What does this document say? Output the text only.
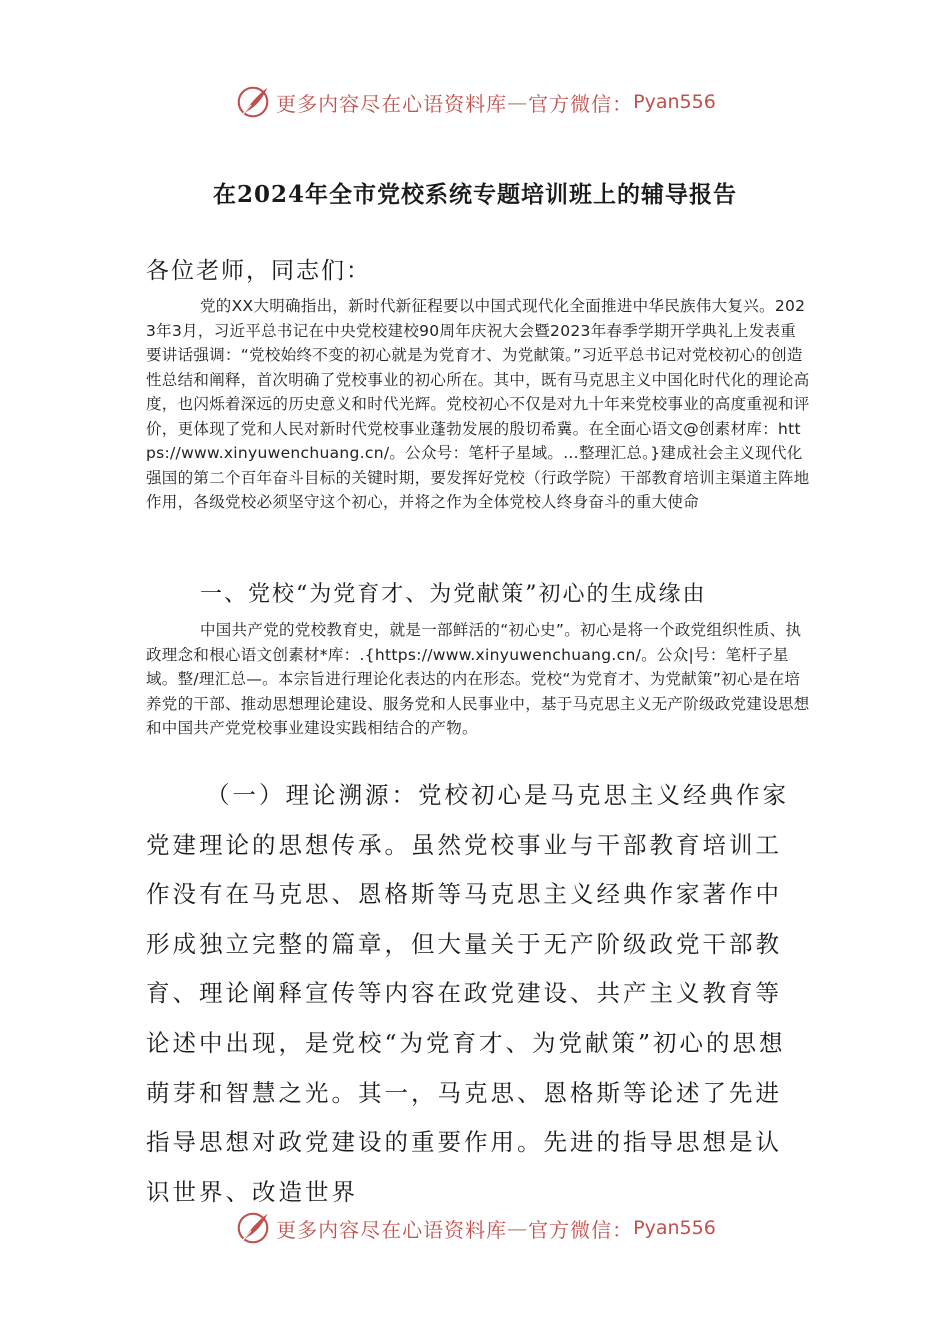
更多内容尽在心语资料库 — 官方微信： Pyan556
在2024年全市党校系统专题培训班上的辅导报告
各位老师，同志们：
党的XX大明确指出，新时代新征程要以中国式现代化全面推进中华民族伟大复兴。2023年3月，习近平总书记在中央党校建校90周年庆祝大会暨2023年春季学期开学典礼上发表重要讲话强调：“党校始终不变的初心就是为党育才、为党献策。”习近平总书记对党校初心的创造性总结和阐释，首次明确了党校事业的初心所在。其中，既有马克思主义中国化时代化的理论高度，也闪烁着深远的历史意义和时代光辉。党校初心不仅是对九十年来党校事业的高度重视和评价，更体现了党和人民对新时代党校事业蓬勃发展的殷切希冀。在全面心语文@创素材库：https://www.xinyuwenchuang.cn/。公众号：笔杆子星域。…整理汇总。}建成社会主义现代化强国的第二个百年奋斗目标的关键时期，要发挥好党校（行政学院）干部教育培训主渠道主阵地作用，各级党校必须坚守这个初心，并将之作为全体党校人终身奋斗的重大使命
一、党校“为党育才、为党献策”初心的生成缘由
中国共产党的党校教育史，就是一部鲜活的“初心史”。初心是将一个政党组织性质、执政理念和根心语文创素材*库：.{https://www.xinyuwenchuang.cn/。公众|号：笔杆子星域。整/理汇总—。本宗旨进行理论化表达的内在形态。党校“为党育才、为党献策”初心是在培养党的干部、推动思想理论建设、服务党和人民事业中，基于马克思主义无产阶级政党建设思想和中国共产党党校事业建设实践相结合的产物。
（一）理论溯源：党校初心是马克思主义经典作家党建理论的思想传承。虽然党校事业与干部教育培训工作没有在马克思、恩格斯等马克思主义经典作家著作中形成独立完整的篇章，但大量关于无产阶级政党干部教育、理论阐释宣传等内容在政党建设、共产主义教育等论述中出现，是党校“为党育才、为党献策”初心的思想萌芽和智慧之光。其一，马克思、恩格斯等论述了先进指导思想对政党建设的重要作用。先进的指导思想是认识世界、改造世界
更多内容尽在心语资料库 — 官方微信： Pyan556
